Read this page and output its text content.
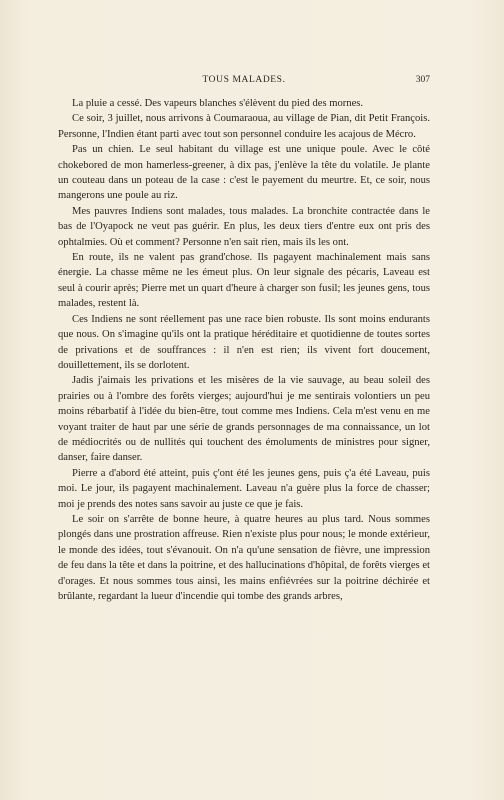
TOUS MALADES.	307

La pluie a cessé. Des vapeurs blanches s'élèvent du pied des mornes.

Ce soir, 3 juillet, nous arrivons à Coumaraoua, au village de Pian, dit Petit François. Personne, l'Indien étant parti avec tout son personnel conduire les acajous de Mécro.

Pas un chien. Le seul habitant du village est une unique poule. Avec le côté chokebored de mon hamerless-greener, à dix pas, j'enlève la tête du volatile. Je plante un couteau dans un poteau de la case : c'est le payement du meurtre. Et, ce soir, nous mangerons une poule au riz.

Mes pauvres Indiens sont malades, tous malades. La bronchite contractée dans le bas de l'Oyapock ne veut pas guérir. En plus, les deux tiers d'entre eux ont pris des ophtalmies. Où et comment? Personne n'en sait rien, mais ils les ont.

En route, ils ne valent pas grand'chose. Ils pagayent machinalement mais sans énergie. La chasse même ne les émeut plus. On leur signale des pécaris, Laveau est seul à courir après; Pierre met un quart d'heure à charger son fusil; les jeunes gens, tous malades, restent là.

Ces Indiens ne sont réellement pas une race bien robuste. Ils sont moins endurants que nous. On s'imagine qu'ils ont la pratique héréditaire et quotidienne de toutes sortes de privations et de souffrances : il n'en est rien; ils vivent fort doucement, douillettement, ils se dorlotent.

Jadis j'aimais les privations et les misères de la vie sauvage, au beau soleil des prairies ou à l'ombre des forêts vierges; aujourd'hui je me sentirais volontiers un peu moins rébarbatif à l'idée du bien-être, tout comme mes Indiens. Cela m'est venu en me voyant traiter de haut par une série de grands personnages de ma connaissance, un lot de médiocrités ou de nullités qui touchent des émoluments de ministres pour signer, danser, faire danser.

Pierre a d'abord été atteint, puis ç'ont été les jeunes gens, puis ç'a été Laveau, puis moi. Le jour, ils pagayent machinalement. Laveau n'a guère plus la force de chasser; moi je prends des notes sans savoir au juste ce que je fais.

Le soir on s'arrête de bonne heure, à quatre heures au plus tard. Nous sommes plongés dans une prostration affreuse. Rien n'existe plus pour nous; le monde extérieur, le monde des idées, tout s'évanouit. On n'a qu'une sensation de fièvre, une impression de feu dans la tête et dans la poitrine, et des hallucinations d'hôpital, de forêts vierges et d'orages. Et nous sommes tous ainsi, les mains enfiévrées sur la poitrine déchirée et brûlante, regardant la lueur d'incendie qui tombe des grands arbres,
